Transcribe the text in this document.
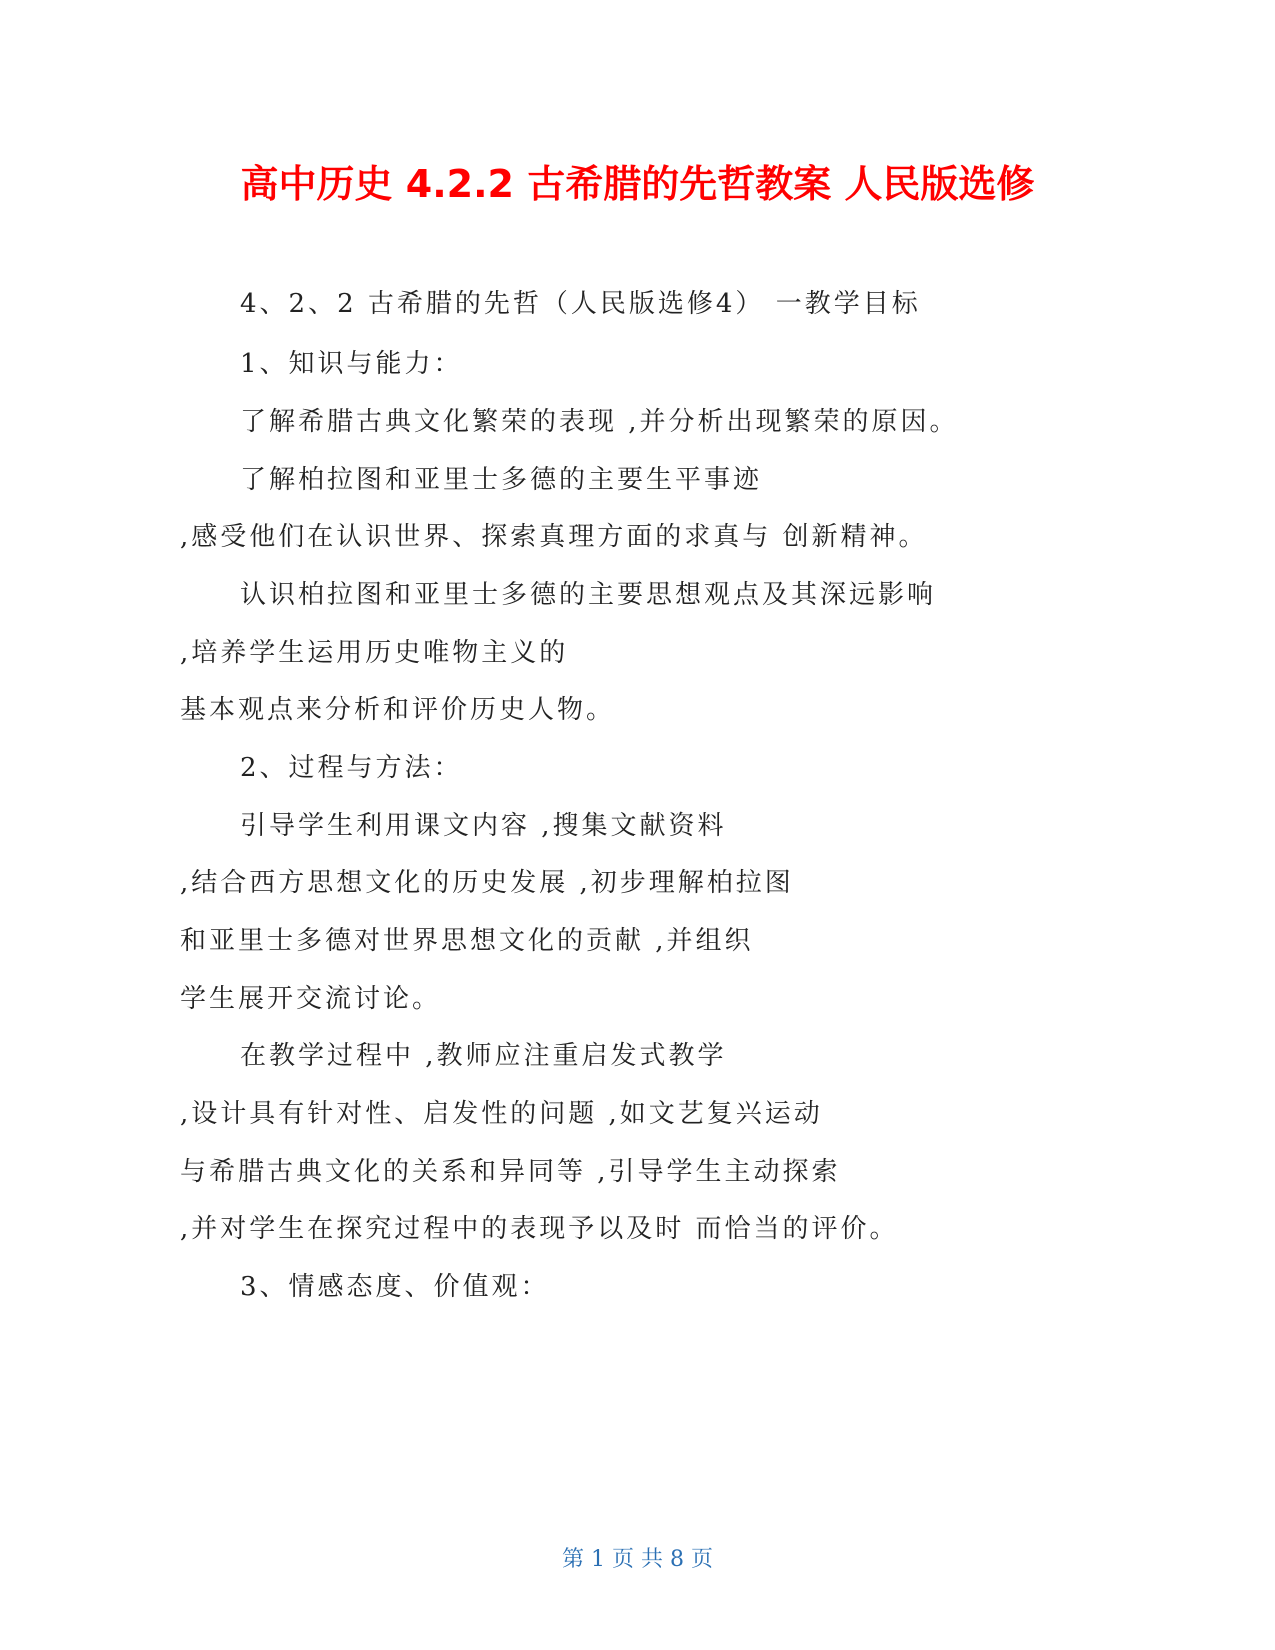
高中历史 4.2.2 古希腊的先哲教案 人民版选修
4、2、2 古希腊的先哲（人民版选修4） 一教学目标
1、知识与能力：
了解希腊古典文化繁荣的表现 ,并分析出现繁荣的原因。
了解柏拉图和亚里士多德的主要生平事迹
,感受他们在认识世界、探索真理方面的求真与 创新精神。
认识柏拉图和亚里士多德的主要思想观点及其深远影响
,培养学生运用历史唯物主义的
基本观点来分析和评价历史人物。
2、过程与方法：
引导学生利用课文内容 ,搜集文献资料
,结合西方思想文化的历史发展 ,初步理解柏拉图
和亚里士多德对世界思想文化的贡献 ,并组织
学生展开交流讨论。
在教学过程中 ,教师应注重启发式教学
,设计具有针对性、启发性的问题 ,如文艺复兴运动
与希腊古典文化的关系和异同等 ,引导学生主动探索
,并对学生在探究过程中的表现予以及时 而恰当的评价。
3、情感态度、价值观：
第 1 页 共 8 页
